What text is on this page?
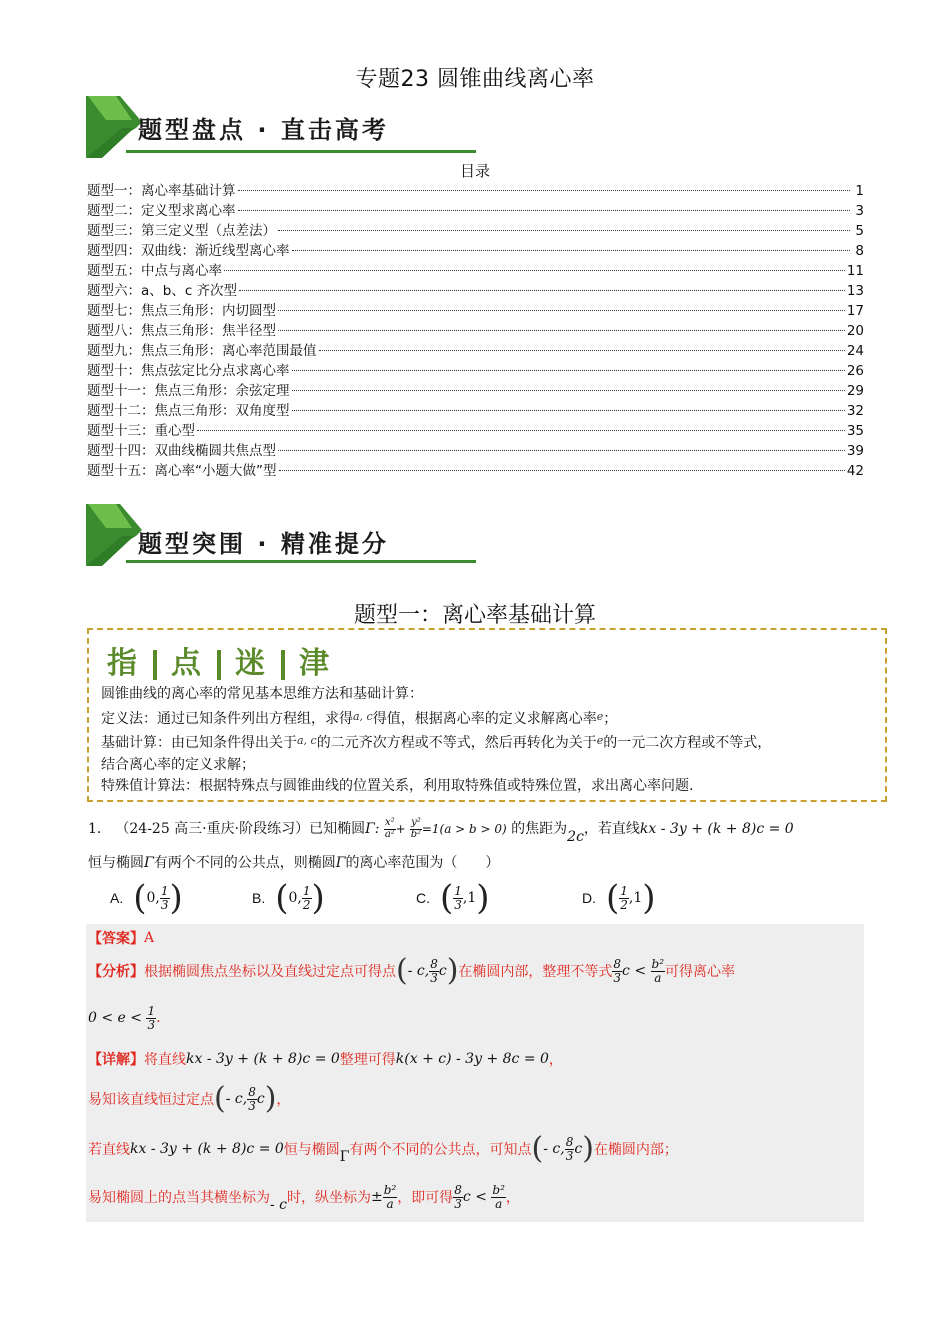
专题23 圆锥曲线离心率
题型盘点 · 直击高考
目录
题型一：离心率基础计算	1
题型二：定义型求离心率	3
题型三：第三定义型（点差法）	5
题型四：双曲线：渐近线型离心率	8
题型五：中点与离心率	11
题型六：a、b、c 齐次型	13
题型七：焦点三角形：内切圆型	17
题型八：焦点三角形：焦半径型	20
题型九：焦点三角形：离心率范围最值	24
题型十：焦点弦定比分点求离心率	26
题型十一：焦点三角形：余弦定理	29
题型十二：焦点三角形：双角度型	32
题型十三：重心型	35
题型十四：双曲线椭圆共焦点型	39
题型十五：离心率“小题大做”型	42
题型突围 · 精准提分
题型一：离心率基础计算
指 点 迷 津
圆锥曲线的离心率的常见基本思维方法和基础计算：
定义法：通过已知条件列出方程组，求得$^{a, c}$得值，根据离心率的定义求解离心率$^e$；
基础计算：由已知条件得出关于$^{a, c}$的二元齐次方程或不等式，然后再转化为关于$^e$的一元二次方程或不等式，
结合离心率的定义求解；
特殊值计算法：根据特殊点与圆锥曲线的位置关系，利用取特殊值或特殊位置，求出离心率问题.
1． （24-25 高三·重庆·阶段练习）已知椭圆Γ: $\frac{\text{x²}}{\text{a²}} + \frac{\text{y²}}{\text{b²}} =1(a > b > 0)$ 的焦距为2c，若直线kx - 3y + (k + 8)c = 0
恒与椭圆Γ有两个不同的公共点，则椭圆Γ的离心率范围为（　　）
A. ( 0, $\frac{1}{3}$ )	B. ( 0, $\frac{1}{2}$ )	C. ( $\frac{1}{3} ,1$ )	D. ( $\frac{1}{2} ,1$ )
【答案】 A
【分析】 根据椭圆焦点坐标以及直线过定点可得点 ( - c, $\frac{8}{3}$ c ) 在椭圆内部，整理不等式 $\frac{8}{3}$ $c < \frac{\text{b²}}{a}$ 可得离心率
0 < e <
$\frac{1}{3}$ .
【详解】 将直线 kx - 3y + (k + 8)c = 0 整理可得 k(x + c) - 3y + 8c = 0 ，
易知该直线恒过定点 ( - c, $\frac{8}{3}$ c ) ，
若直线 kx - 3y + (k + 8)c = 0 恒与椭圆 Γ 有两个不同的公共点，可知点 ( - c, $\frac{8}{3}$ c ) 在椭圆内部；
易知椭圆上的点当其横坐标为 - c 时，纵坐标为 ± $\frac{\text{b²}}{a}$ ，即可得 $\frac{8}{3}$ $c < \frac{\text{b²}}{a}$ ，
